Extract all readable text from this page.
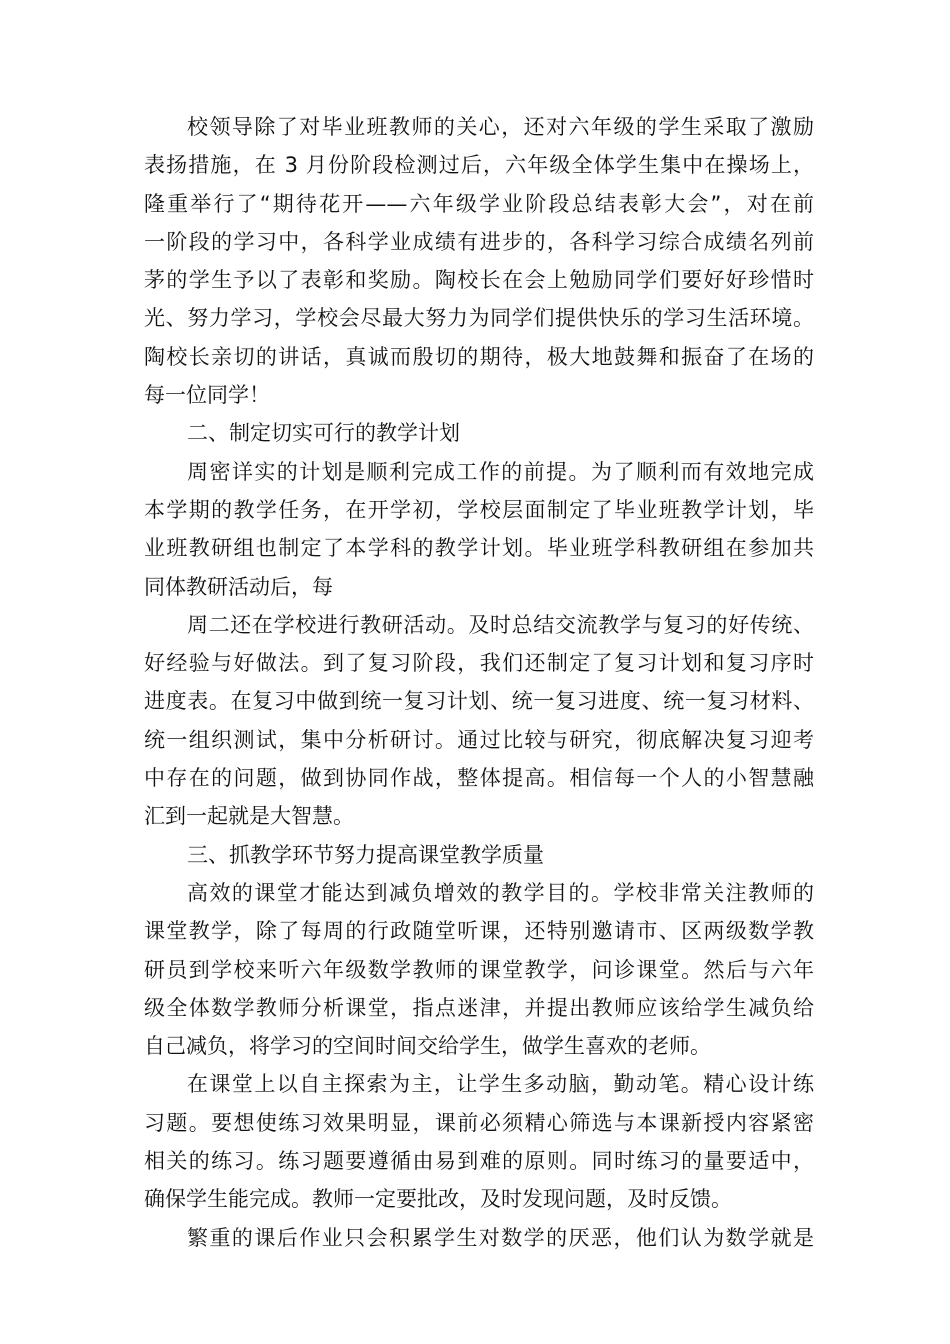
校领导除了对毕业班教师的关心，还对六年级的学生采取了激励
表扬措施，在 3 月份阶段检测过后，六年级全体学生集中在操场上，
隆重举行了“期待花开——六年级学业阶段总结表彰大会”，对在前
一阶段的学习中，各科学业成绩有进步的，各科学习综合成绩名列前
茅的学生予以了表彰和奖励。陶校长在会上勉励同学们要好好珍惜时
光、努力学习，学校会尽最大努力为同学们提供快乐的学习生活环境。
陶校长亲切的讲话，真诚而殷切的期待，极大地鼓舞和振奋了在场的
每一位同学！
二、制定切实可行的教学计划
周密详实的计划是顺利完成工作的前提。为了顺利而有效地完成
本学期的教学任务，在开学初，学校层面制定了毕业班教学计划，毕
业班教研组也制定了本学科的教学计划。毕业班学科教研组在参加共
同体教研活动后，每
周二还在学校进行教研活动。及时总结交流教学与复习的好传统、
好经验与好做法。到了复习阶段，我们还制定了复习计划和复习序时
进度表。在复习中做到统一复习计划、统一复习进度、统一复习材料、
统一组织测试，集中分析研讨。通过比较与研究，彻底解决复习迎考
中存在的问题，做到协同作战，整体提高。相信每一个人的小智慧融
汇到一起就是大智慧。
三、抓教学环节努力提高课堂教学质量
高效的课堂才能达到减负增效的教学目的。学校非常关注教师的
课堂教学，除了每周的行政随堂听课，还特别邀请市、区两级数学教
研员到学校来听六年级数学教师的课堂教学，问诊课堂。然后与六年
级全体数学教师分析课堂，指点迷津，并提出教师应该给学生减负给
自己减负，将学习的空间时间交给学生，做学生喜欢的老师。
在课堂上以自主探索为主，让学生多动脑，勤动笔。精心设计练
习题。要想使练习效果明显，课前必须精心筛选与本课新授内容紧密
相关的练习。练习题要遵循由易到难的原则。同时练习的量要适中，
确保学生能完成。教师一定要批改，及时发现问题，及时反馈。
繁重的课后作业只会积累学生对数学的厌恶，他们认为数学就是
